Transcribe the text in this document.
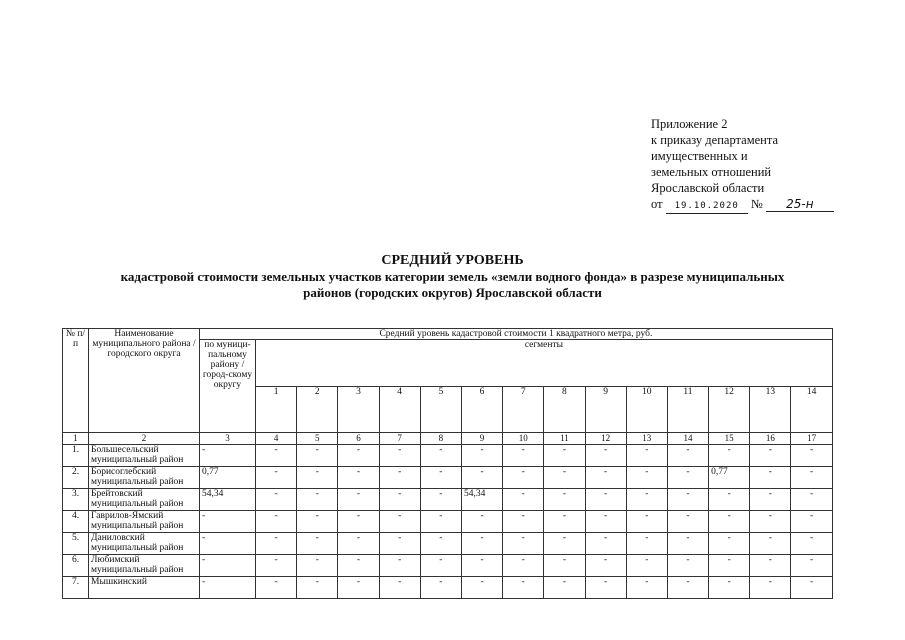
Приложение 2
к приказу департамента
имущественных и
земельных отношений
Ярославской области
от 19.10.2020 № 25-н
СРЕДНИЙ УРОВЕНЬ
кадастровой стоимости земельных участков категории земель «земли водного фонда» в разрезе муниципальных
районов (городских округов) Ярославской области
№ п/п	Наименование муниципального района / городского округа	Средний уровень кадастровой стоимости 1 квадратного метра, руб.														
		по муници-пальному району / город-скому округу	сегменты													
			1	2	3	4	5	6	7	8	9	10	11	12	13	14
1	2	3	4	5	6	7	8	9	10	11	12	13	14	15	16	17
1.	Большесельский муниципальный район	-	-	-	-	-	-	-	-	-	-	-	-	-	-	-
2.	Борисоглебский муниципальный район	0,77	-	-	-	-	-	-	-	-	-	-	-	0,77	-	-
3.	Брейтовский муниципальный район	54,34	-	-	-	-	-	54,34	-	-	-	-	-	-	-	-
4.	Гаврилов-Ямский муниципальный район	-	-	-	-	-	-	-	-	-	-	-	-	-	-	-
5.	Даниловский муниципальный район	-	-	-	-	-	-	-	-	-	-	-	-	-	-	-
6.	Любимский муниципальный район	-	-	-	-	-	-	-	-	-	-	-	-	-	-	-
7.	Мышкинский	-	-	-	-	-	-	-	-	-	-	-	-	-	-	-
